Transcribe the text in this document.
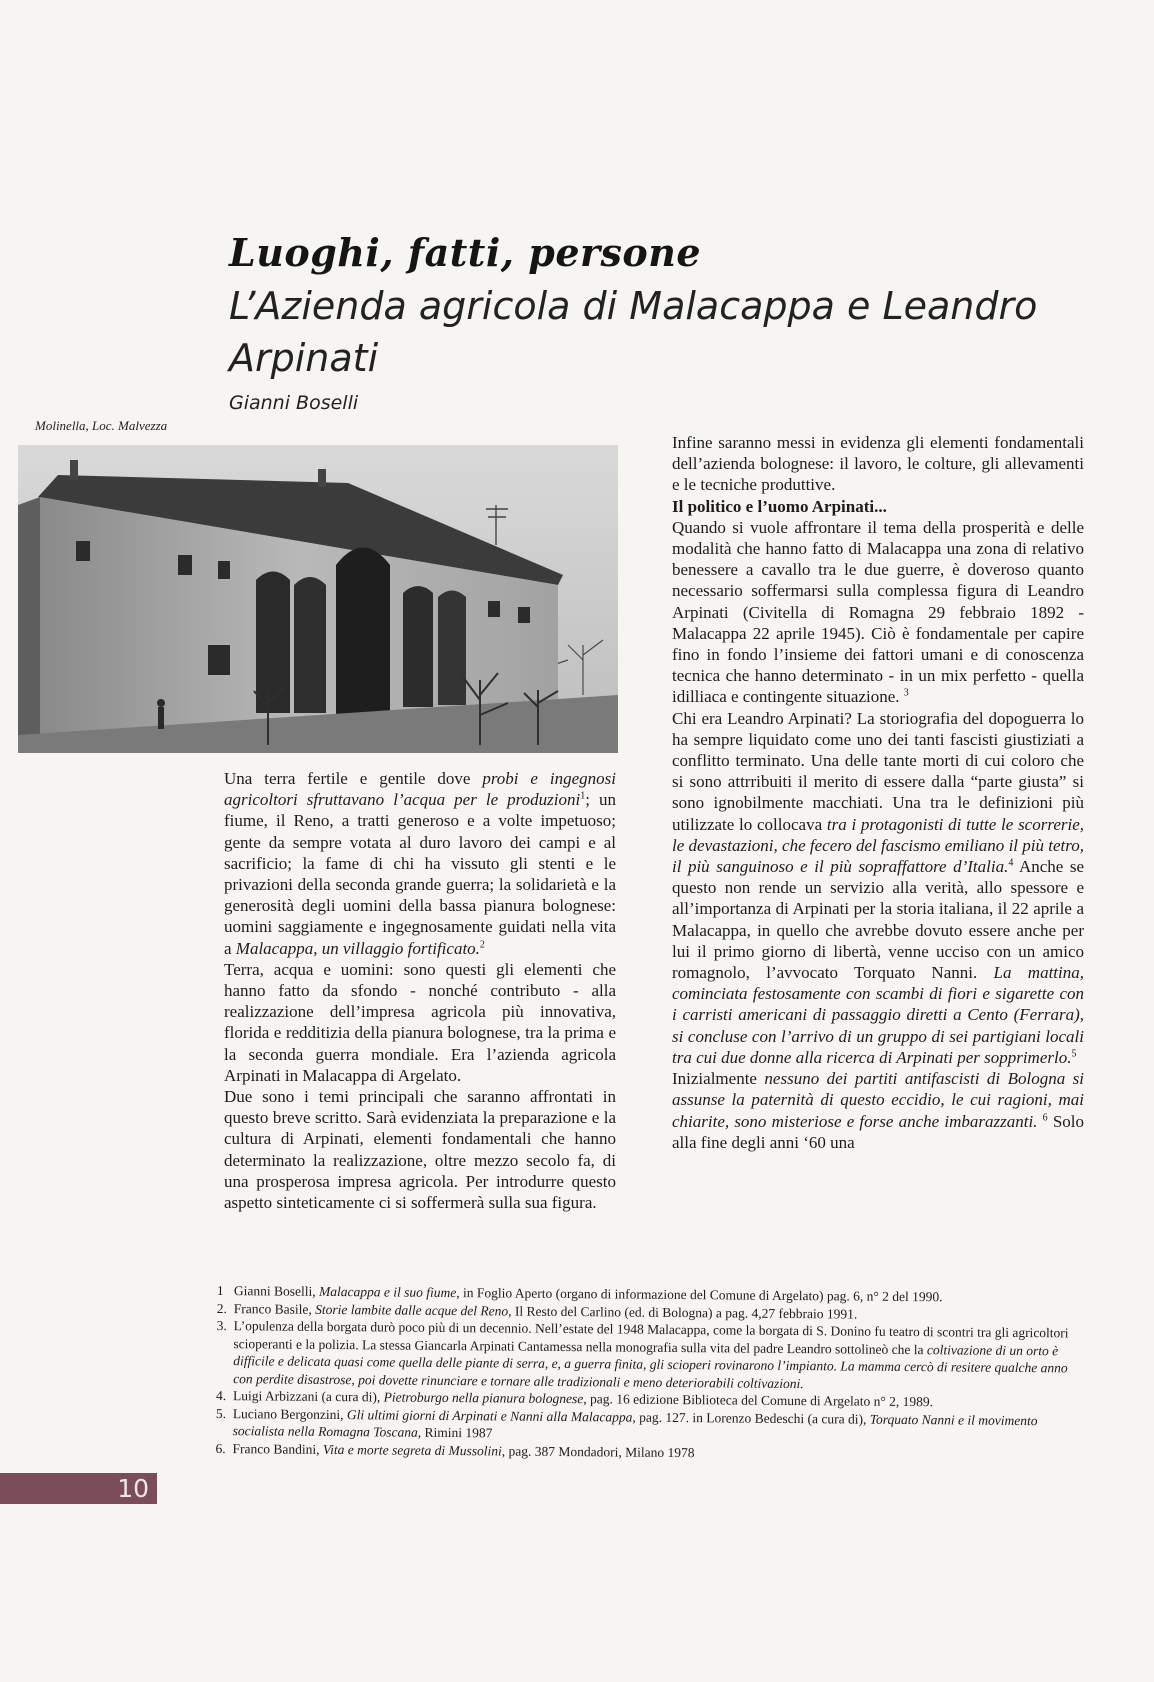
Luoghi, fatti, persone
L’Azienda agricola di Malacappa e Leandro Arpinati
Gianni Boselli
Molinella, Loc. Malvezza

Una terra fertile e gentile dove probi e ingegnosi agricoltori sfruttavano l’acqua per le produzioni$^1$; un fiume, il Reno, a tratti generoso e a volte impetuoso; gente da sempre votata al duro lavoro dei campi e al sacrificio; la fame di chi ha vissuto gli stenti e le privazioni della seconda grande guerra; la solidarietà e la generosità degli uomini della bassa pianura bolognese: uomini saggiamente e ingegnosamente guidati nella vita a Malacappa, un villaggio fortificato.$^2$

Terra, acqua e uomini: sono questi gli elementi che hanno fatto da sfondo - nonché contributo - alla realizzazione dell’impresa agricola più innovativa, florida e redditizia della pianura bolognese, tra la prima e la seconda guerra mondiale. Era l’azienda agricola Arpinati in Malacappa di Argelato.

Due sono i temi principali che saranno affrontati in questo breve scritto. Sarà evidenziata la preparazione e la cultura di Arpinati, elementi fondamentali che hanno determinato la realizzazione, oltre mezzo secolo fa, di una prosperosa impresa agricola. Per introdurre questo aspetto sinteticamente ci si soffermerà sulla sua figura.

Infine saranno messi in evidenza gli elementi fondamentali dell’azienda bolognese: il lavoro, le colture, gli allevamenti e le tecniche produttive.

Il politico e l’uomo Arpinati...

Quando si vuole affrontare il tema della prosperità e delle modalità che hanno fatto di Malacappa una zona di relativo benessere a cavallo tra le due guerre, è doveroso quanto necessario soffermarsi sulla complessa figura di Leandro Arpinati (Civitella di Romagna 29 febbraio 1892 - Malacappa 22 aprile 1945). Ciò è fondamentale per capire fino in fondo l’insieme dei fattori umani e di conoscenza tecnica che hanno determinato - in un mix perfetto - quella idilliaca e contingente situazione. $^3$

Chi era Leandro Arpinati? La storiografia del dopoguerra lo ha sempre liquidato come uno dei tanti fascisti giustiziati a conflitto terminato. Una delle tante morti di cui coloro che si sono attrribuiti il merito di essere dalla “parte giusta” si sono ignobilmente macchiati. Una tra le definizioni più utilizzate lo collocava tra i protagonisti di tutte le scorrerie, le devastazioni, che fecero del fascismo emiliano il più tetro, il più sanguinoso e il più sopraffattore d’Italia.$^4$ Anche se questo non rende un servizio alla verità, allo spessore e all’importanza di Arpinati per la storia italiana, il 22 aprile a Malacappa, in quello che avrebbe dovuto essere anche per lui il primo giorno di libertà, venne ucciso con un amico romagnolo, l’avvocato Torquato Nanni. La mattina, cominciata festosamente con scambi di fiori e sigarette con i carristi americani di passaggio diretti a Cento (Ferrara), si concluse con l’arrivo di un gruppo di sei partigiani locali tra cui due donne alla ricerca di Arpinati per sopprimerlo.$^5$

Inizialmente nessuno dei partiti antifascisti di Bologna si assunse la paternità di questo eccidio, le cui ragioni, mai chiarite, sono misteriose e forse anche imbarazzanti. $^6$ Solo alla fine degli anni ‘60 una

1 Gianni Boselli, Malacappa e il suo fiume, in Foglio Aperto (organo di informazione del Comune di Argelato) pag. 6, n° 2 del 1990.
2. Franco Basile, Storie lambite dalle acque del Reno, Il Resto del Carlino (ed. di Bologna) a pag. 4,27 febbraio 1991.
3. L’opulenza della borgata durò poco più di un decennio. Nell’estate del 1948 Malacappa, come la borgata di S. Donino fu teatro di scontri tra gli agricoltori scioperanti e la polizia. La stessa Giancarla Arpinati Cantamessa nella monografia sulla vita del padre Leandro sottolineò che la coltivazione di un orto è difficile e delicata quasi come quella delle piante di serra, e, a guerra finita, gli scioperi rovinarono l’impianto. La mamma cercò di resitere qualche anno con perdite disastrose, poi dovette rinunciare e tornare alle tradizionali e meno deteriorabili coltivazioni.
4. Luigi Arbizzani (a cura di), Pietroburgo nella pianura bolognese, pag. 16 edizione Biblioteca del Comune di Argelato n° 2, 1989.
5. Luciano Bergonzini, Gli ultimi giorni di Arpinati e Nanni alla Malacappa, pag. 127. in Lorenzo Bedeschi (a cura di), Torquato Nanni e il movimento socialista nella Romagna Toscana, Rimini 1987
6. Franco Bandini, Vita e morte segreta di Mussolini, pag. 387 Mondadori, Milano 1978
10
